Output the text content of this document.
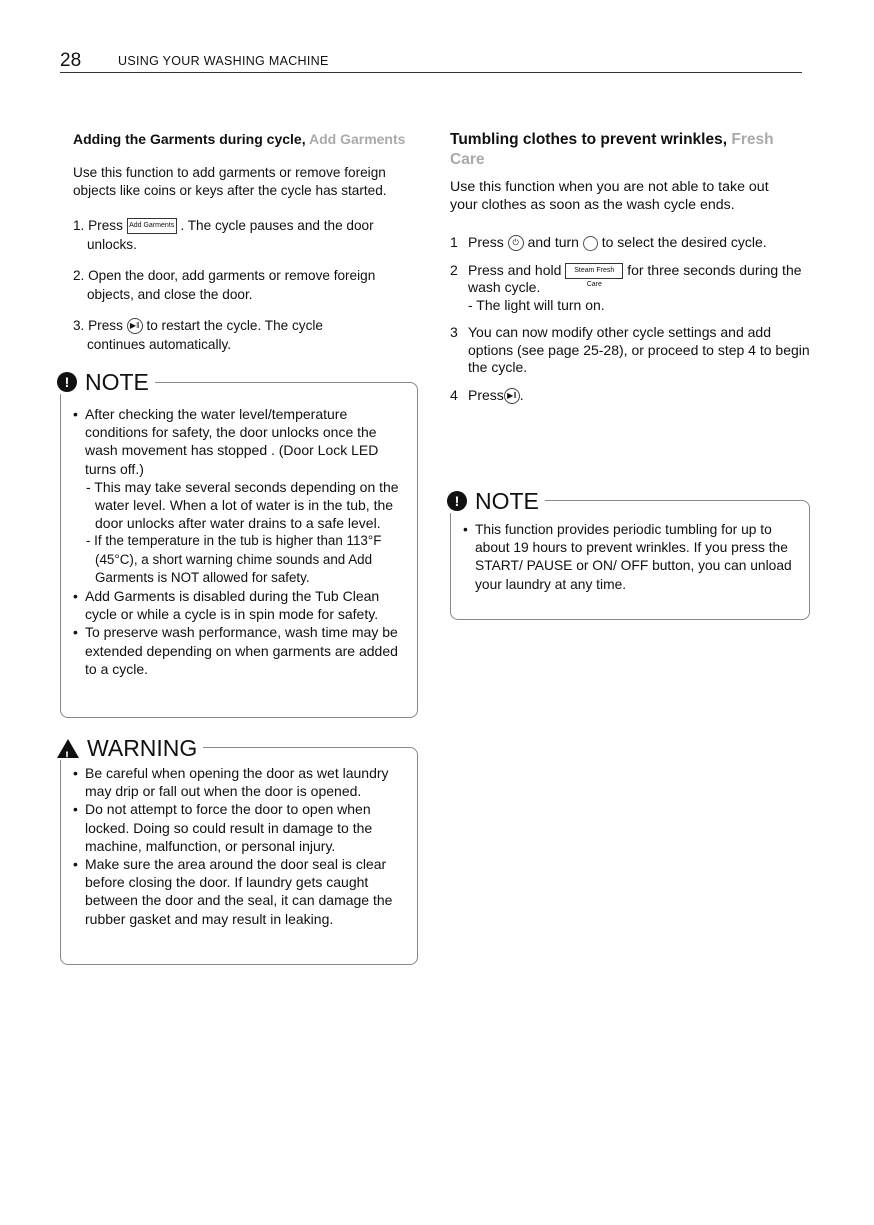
28	USING YOUR WASHING MACHINE
Adding the Garments during cycle, Add Garments
Use this function to add garments or remove foreign objects like coins or keys after the cycle has started.
1. Press Add Garments . The cycle pauses and the door
unlocks.
2. Open the door, add garments or remove foreign
objects, and close the door.
3. Press ▶‖ to restart the cycle. The cycle
continues automatically.
! NOTE

• After checking the water level/temperature conditions for safety, the door unlocks once the wash movement has stopped . (Door Lock LED turns off.)

- This may take several seconds depending on the water level. When a lot of water is in the tub, the door unlocks after water drains to a safe level.

- If the temperature in the tub is higher than 113°F (45°C), a short warning chime sounds and Add Garments is NOT allowed for safety.

• Add Garments is disabled during the Tub Clean cycle or while a cycle is in spin mode for safety.

• To preserve wash performance, wash time may be extended depending on when garments are added to a cycle.

! WARNING

• Be careful when opening the door as wet laundry may drip or fall out when the door is opened.

• Do not attempt to force the door to open when locked. Doing so could result in damage to the machine, malfunction, or personal injury.

• Make sure the area around the door seal is clear before closing the door. If laundry gets caught between the door and the seal, it can damage the rubber gasket and may result in leaking.

Tumbling clothes to prevent wrinkles, Fresh Care
Use this function when you are not able to take out your clothes as soon as the wash cycle ends.
1 Press ⏻ and turn to select the desired cycle.
2 Press and hold Steam Fresh Care for three seconds during the wash cycle.
- The light will turn on.
3 You can now modify other cycle settings and add options (see page 25-28), or proceed to step 4 to begin the cycle.
4 Press ▶‖ .
! NOTE

• This function provides periodic tumbling for up to about 19 hours to prevent wrinkles. If you press the START/ PAUSE or ON/ OFF button, you can unload your laundry at any time.
